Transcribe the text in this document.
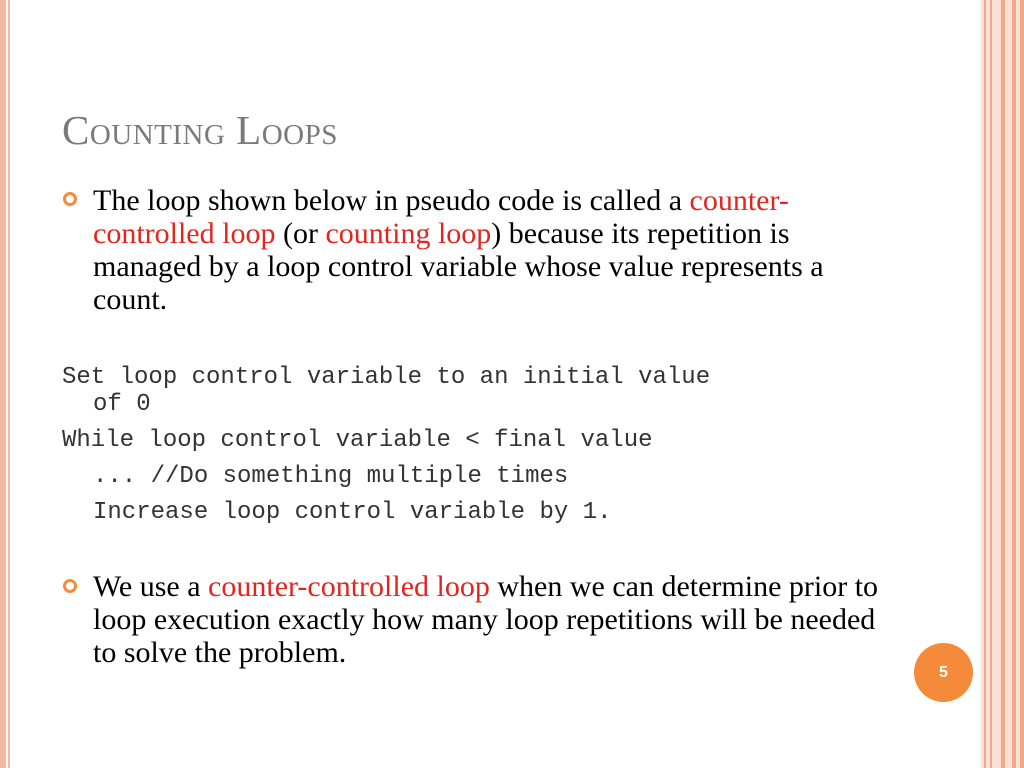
Counting Loops

The loop shown below in pseudo code is called a counter-controlled loop (or counting loop) because its repetition is managed by a loop control variable whose value represents a count.

Set loop control variable to an initial value
of 0
While loop control variable < final value
... //Do something multiple times
Increase loop control variable by 1.

We use a counter-controlled loop when we can determine prior to loop execution exactly how many loop repetitions will be needed to solve the problem.

5
